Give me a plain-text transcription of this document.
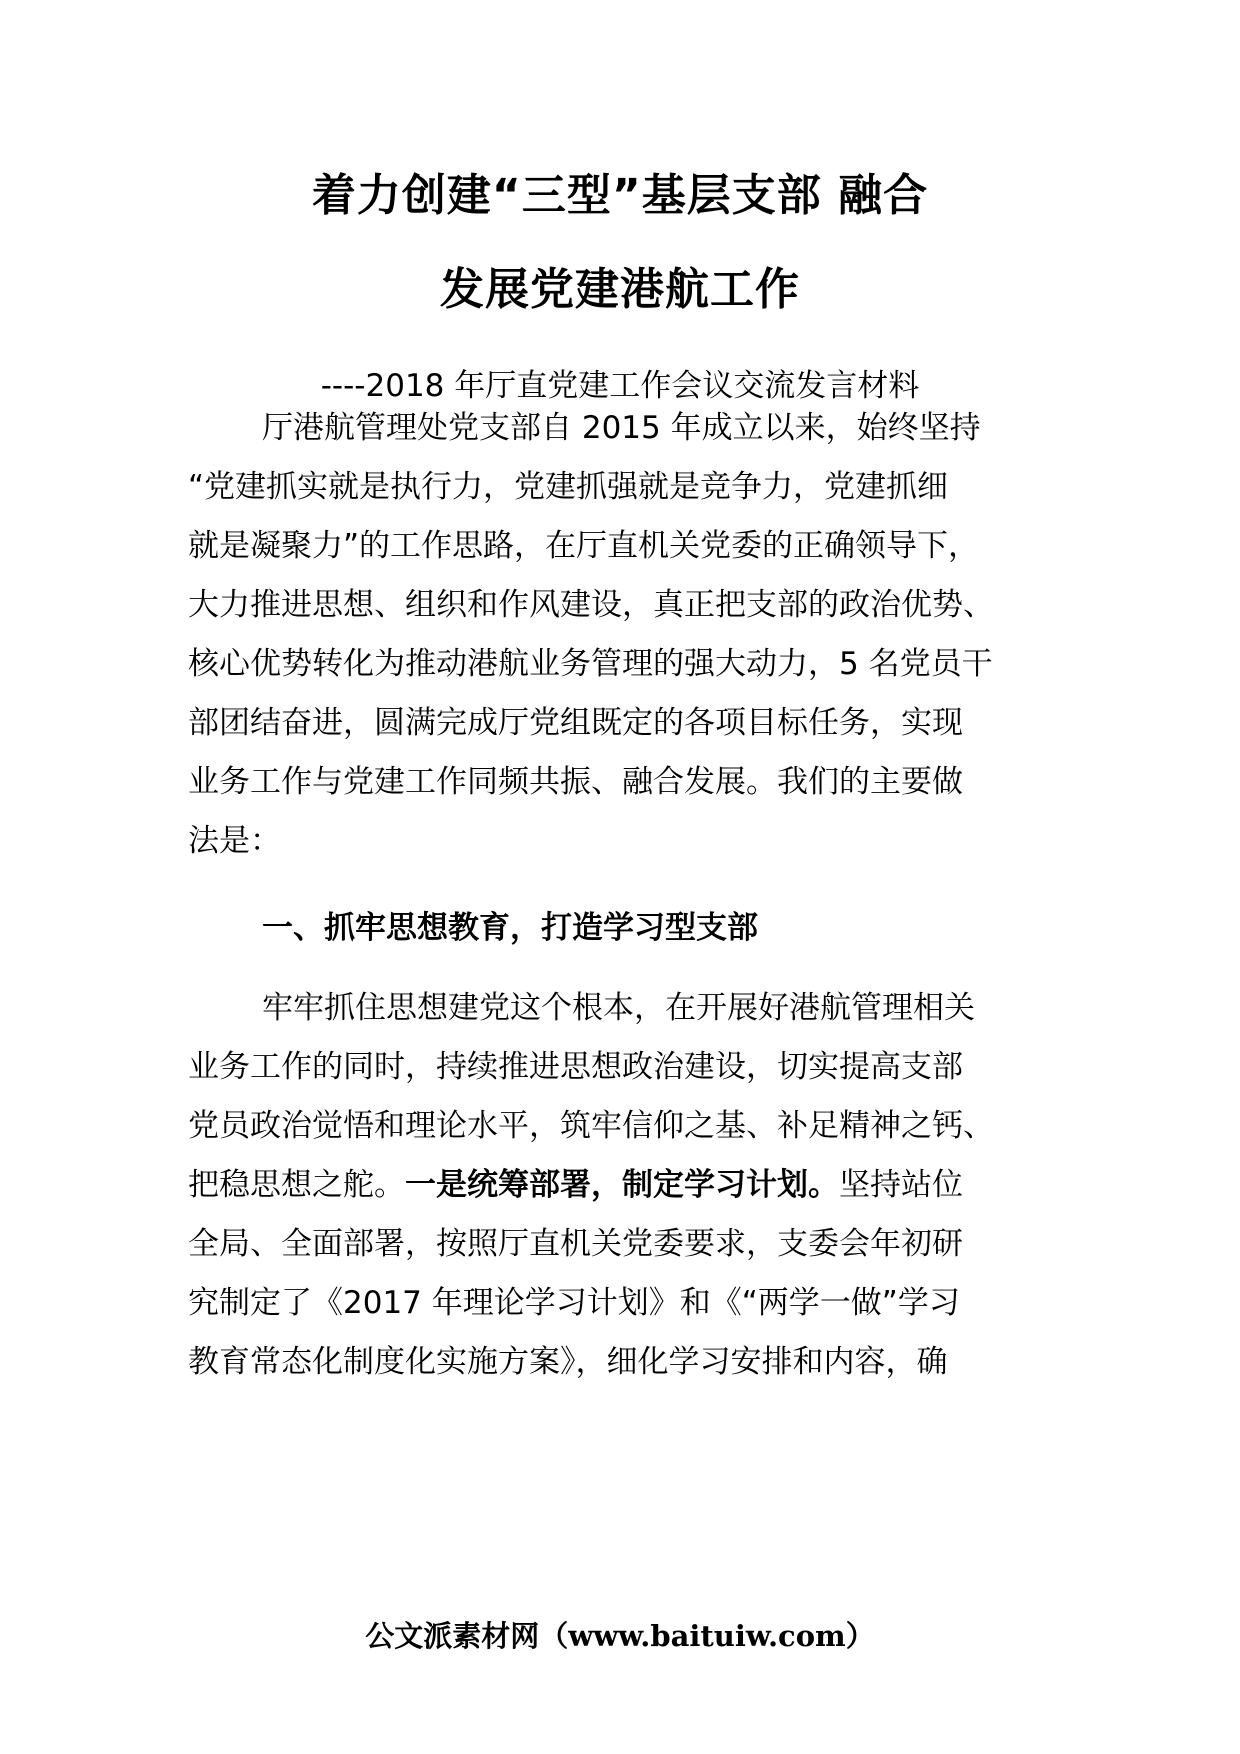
着力创建“三型”基层支部 融合
发展党建港航工作
----2018 年厅直党建工作会议交流发言材料
厅港航管理处党支部自 2015 年成立以来，始终坚持
“党建抓实就是执行力，党建抓强就是竞争力，党建抓细
就是凝聚力”的工作思路，在厅直机关党委的正确领导下，
大力推进思想、组织和作风建设，真正把支部的政治优势、
核心优势转化为推动港航业务管理的强大动力，5 名党员干
部团结奋进，圆满完成厅党组既定的各项目标任务，实现
业务工作与党建工作同频共振、融合发展。我们的主要做
法是：
一、抓牢思想教育，打造学习型支部
牢牢抓住思想建党这个根本，在开展好港航管理相关
业务工作的同时，持续推进思想政治建设，切实提高支部
党员政治觉悟和理论水平，筑牢信仰之基、补足精神之钙、
把稳思想之舵。一是统筹部署，制定学习计划。坚持站位
全局、全面部署，按照厅直机关党委要求，支委会年初研
究制定了《2017 年理论学习计划》和《“两学一做”学习
教育常态化制度化实施方案》，细化学习安排和内容，确
公文派素材网（www.baituiw.com）
